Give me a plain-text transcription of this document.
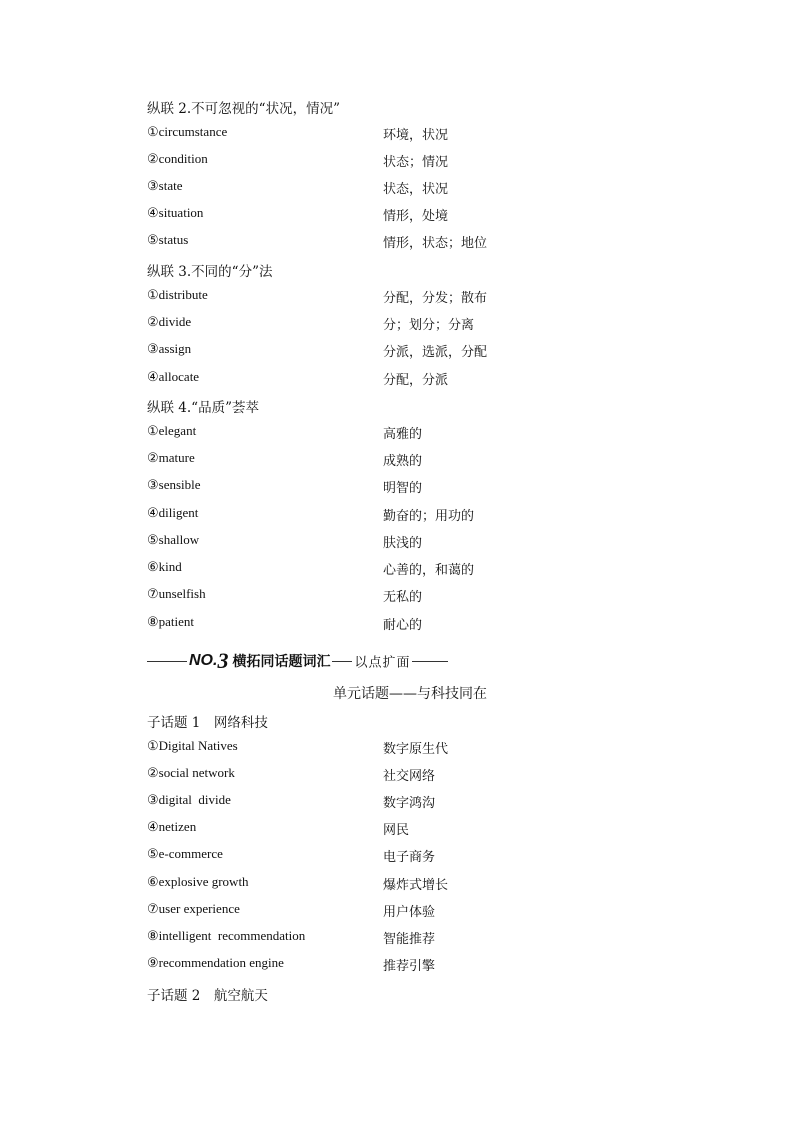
纵联 2.不可忽视的“状况，情况”
①circumstance	环境，状况
②condition	状态；情况
③state	状态，状况
④situation	情形，处境
⑤status	情形，状态；地位
纵联 3.不同的“分”法
①distribute	分配，分发；散布
②divide	分；划分；分离
③assign	分派，选派，分配
④allocate	分配，分派
纵联 4.“品质”荟萃
①elegant	高雅的
②mature	成熟的
③sensible	明智的
④diligent	勤奋的；用功的
⑤shallow	肤浅的
⑥kind	心善的，和蔼的
⑦unselfish	无私的
⑧patient	耐心的
NO.3 横拓同话题词汇 以点扩面
单元话题——与科技同在
子话题 1　网络科技
①Digital Natives	数字原生代
②social network	社交网络
③digital  divide	数字鸿沟
④netizen	网民
⑤e-commerce	电子商务
⑥explosive growth	爆炸式增长
⑦user experience	用户体验
⑧intelligent  recommendation	智能推荐
⑨recommendation engine	推荐引擎
子话题 2　航空航天
